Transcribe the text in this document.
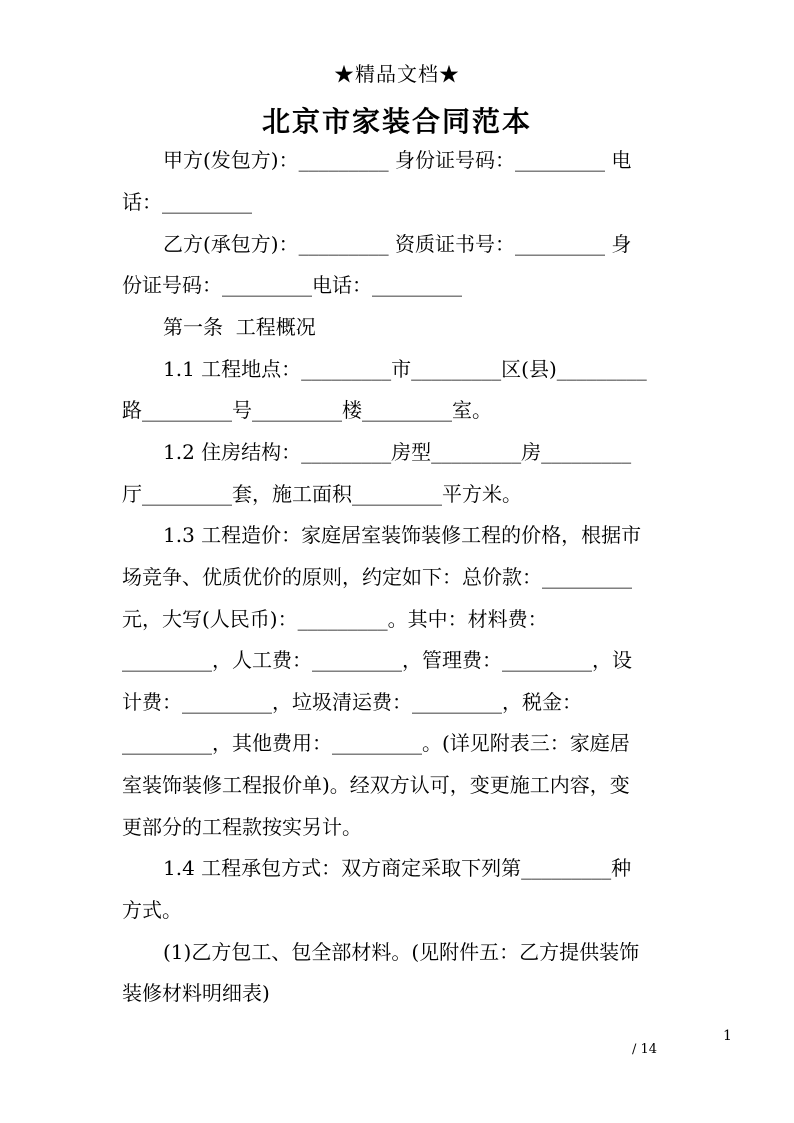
★精品文档★
北京市家装合同范本
甲方(发包方)：_________ 身份证号码：_________ 电
话：_________
乙方(承包方)：_________ 资质证书号：_________ 身
份证号码：_________电话：_________
第一条  工程概况
1.1 工程地点：_________市_________区(县)_________
路_________号_________楼_________室。
1.2 住房结构：_________房型_________房_________
厅_________套，施工面积_________平方米。
1.3 工程造价：家庭居室装饰装修工程的价格，根据市
场竞争、优质优价的原则，约定如下：总价款：_________
元，大写(人民币)：_________。其中：材料费：
_________，人工费：_________，管理费：_________，设
计费：_________，垃圾清运费：_________，税金：
_________，其他费用：_________。(详见附表三：家庭居
室装饰装修工程报价单)。经双方认可，变更施工内容，变
更部分的工程款按实另计。
1.4 工程承包方式：双方商定采取下列第_________种
方式。
(1)乙方包工、包全部材料。(见附件五：乙方提供装饰
装修材料明细表)
1
/ 14
